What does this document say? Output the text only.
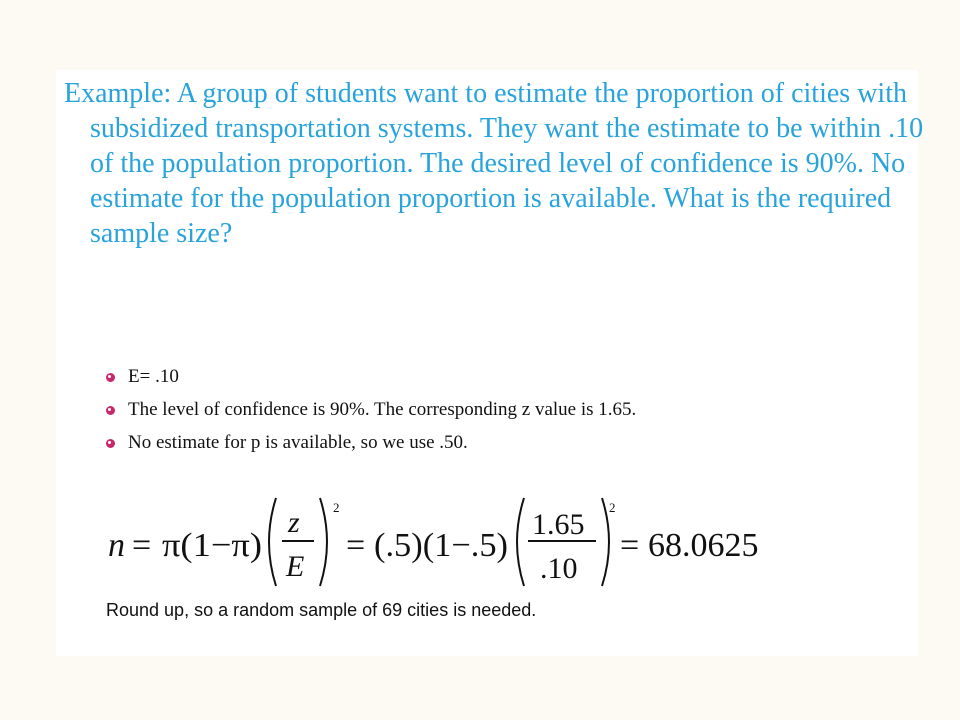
Example: A group of students want to estimate the proportion of cities with subsidized transportation systems. They want the estimate to be within .10 of the population proportion. The desired level of confidence is 90%. No estimate for the population proportion is available. What is the required sample size?

E= .10
The level of confidence is 90%. The corresponding z value is 1.65.
No estimate for p is available, so we use .50.
n = π(1−π)
z
E
2
= (.5)(1−.5)
1.65
.10
2
= 68.0625

Round up, so a random sample of 69 cities is needed.
